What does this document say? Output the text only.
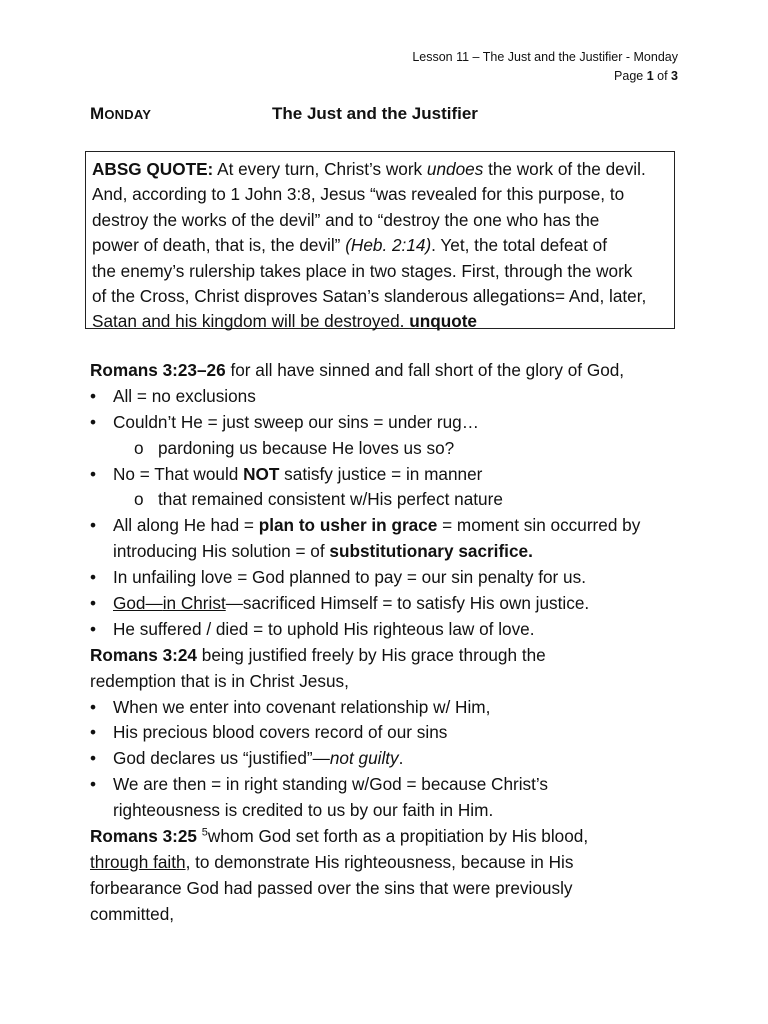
Lesson 11 – The Just and the Justifier - Monday
Page 1 of 3
MONDAY	The Just and the Justifier
ABSG QUOTE: At every turn, Christ’s work undoes the work of the devil.
And, according to 1 John 3:8, Jesus “was revealed for this purpose, to
destroy the works of the devil” and to “destroy the one who has the
power of death, that is, the devil” (Heb. 2:14). Yet, the total defeat of
the enemy’s rulership takes place in two stages. First, through the work
of the Cross, Christ disproves Satan’s slanderous allegations= And, later,
Satan and his kingdom will be destroyed. unquote
Romans 3:23–26 for all have sinned and fall short of the glory of God,
• All = no exclusions
• Couldn’t He = just sweep our sins = under rug…
o pardoning us because He loves us so?
• No = That would NOT satisfy justice = in manner
o that remained consistent w/His perfect nature
• All along He had = plan to usher in grace = moment sin occurred by
introducing His solution = of substitutionary sacrifice.
• In unfailing love = God planned to pay = our sin penalty for us.
• God—in Christ—sacrificed Himself = to satisfy His own justice.
• He suffered / died = to uphold His righteous law of love.
Romans 3:24 being justified freely by His grace through the
redemption that is in Christ Jesus,
• When we enter into covenant relationship w/ Him,
• His precious blood covers record of our sins
• God declares us “justified”—not guilty.
• We are then = in right standing w/God = because Christ’s
righteousness is credited to us by our faith in Him.
Romans 3:25 $^5$whom God set forth as a propitiation by His blood,
through faith, to demonstrate His righteousness, because in His
forbearance God had passed over the sins that were previously
committed,
